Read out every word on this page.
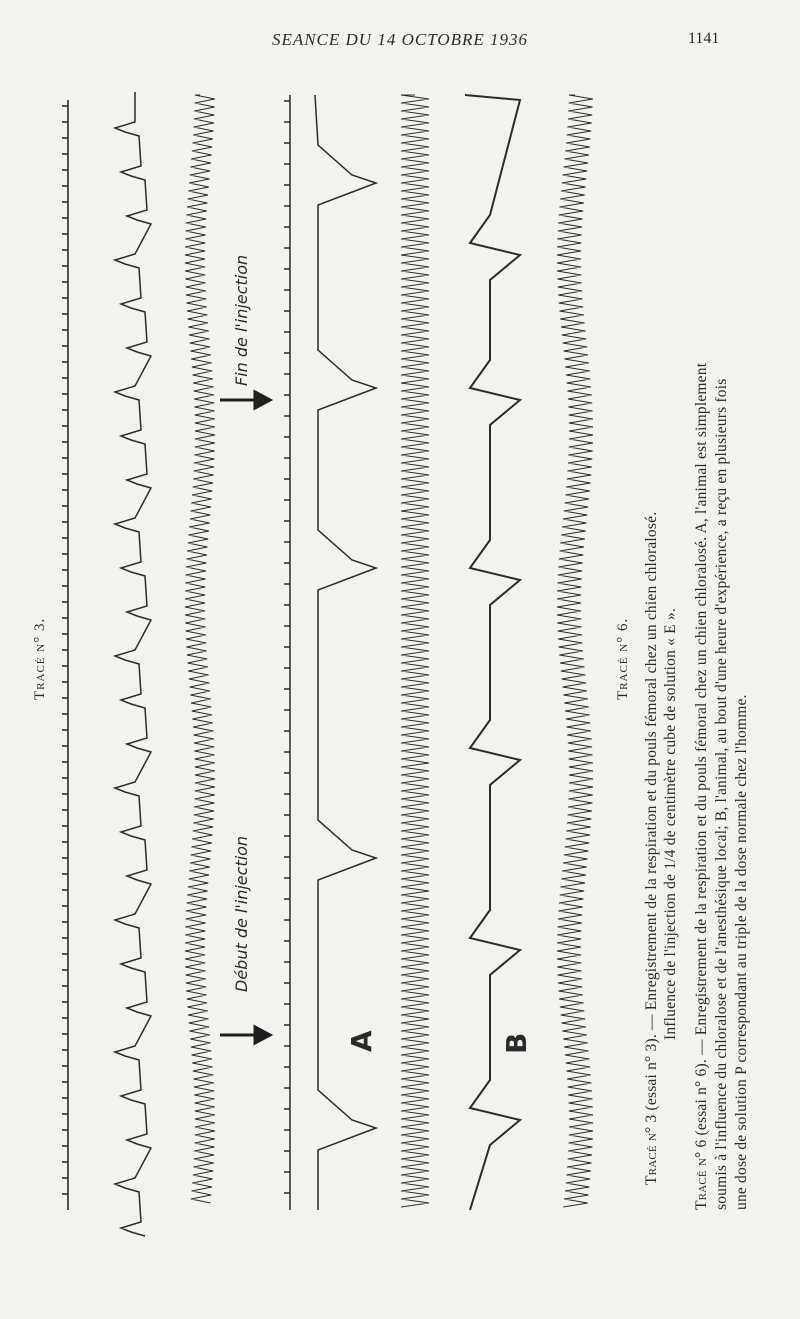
SEANCE DU 14 OCTOBRE 1936	1141
Tracé n° 3.
Début de l'injection
Fin de l'injection
Tracé n° 6.
A	B
Tracé n° 3 (essai n° 3). — Enregistrement de la respiration et du pouls fémoral chez un chien chloralosé. Influence de l'injection de 1/4 de centimètre cube de solution « E ».
Tracé n° 6 (essai n° 6). — Enregistrement de la respiration et du pouls fémoral chez un chien chloralosé. A, l'animal est simplement soumis à l'influence du chloralose et de l'anesthésique local; B, l'animal, au bout d'une heure d'expérience, a reçu en plusieurs fois une dose de solution P correspondant au triple de la dose normale chez l'homme.
